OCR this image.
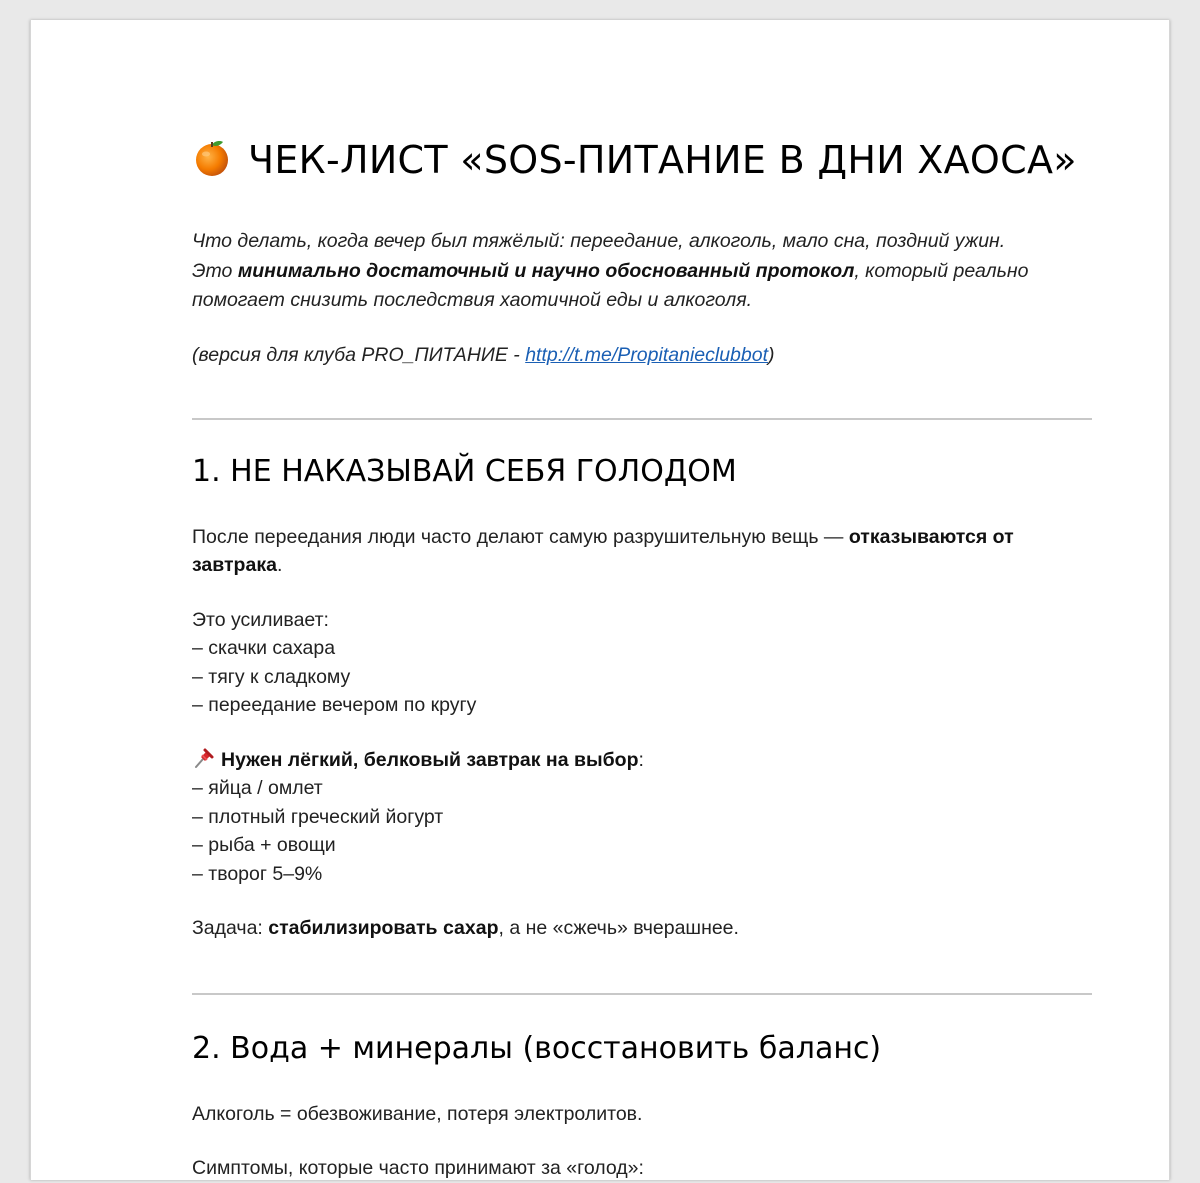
ЧЕК-ЛИСТ «SOS-ПИТАНИЕ В ДНИ ХАОСА»
Что делать, когда вечер был тяжёлый: переедание, алкоголь, мало сна, поздний ужин.
Это минимально достаточный и научно обоснованный протокол, который реально
помогает снизить последствия хаотичной еды и алкоголя.
(версия для клуба PRO_ПИТАНИЕ - http://t.me/Propitanieclubbot)
1. НЕ НАКАЗЫВАЙ СЕБЯ ГОЛОДОМ
После переедания люди часто делают самую разрушительную вещь — отказываются от завтрака.
Это усиливает:
– скачки сахара
– тягу к сладкому
– переедание вечером по кругу
Нужен лёгкий, белковый завтрак на выбор:
– яйца / омлет
– плотный греческий йогурт
– рыба + овощи
– творог 5–9%
Задача: стабилизировать сахар, а не «сжечь» вчерашнее.
2. Вода + минералы (восстановить баланс)
Алкоголь = обезвоживание, потеря электролитов.
Симптомы, которые часто принимают за «голод»:
